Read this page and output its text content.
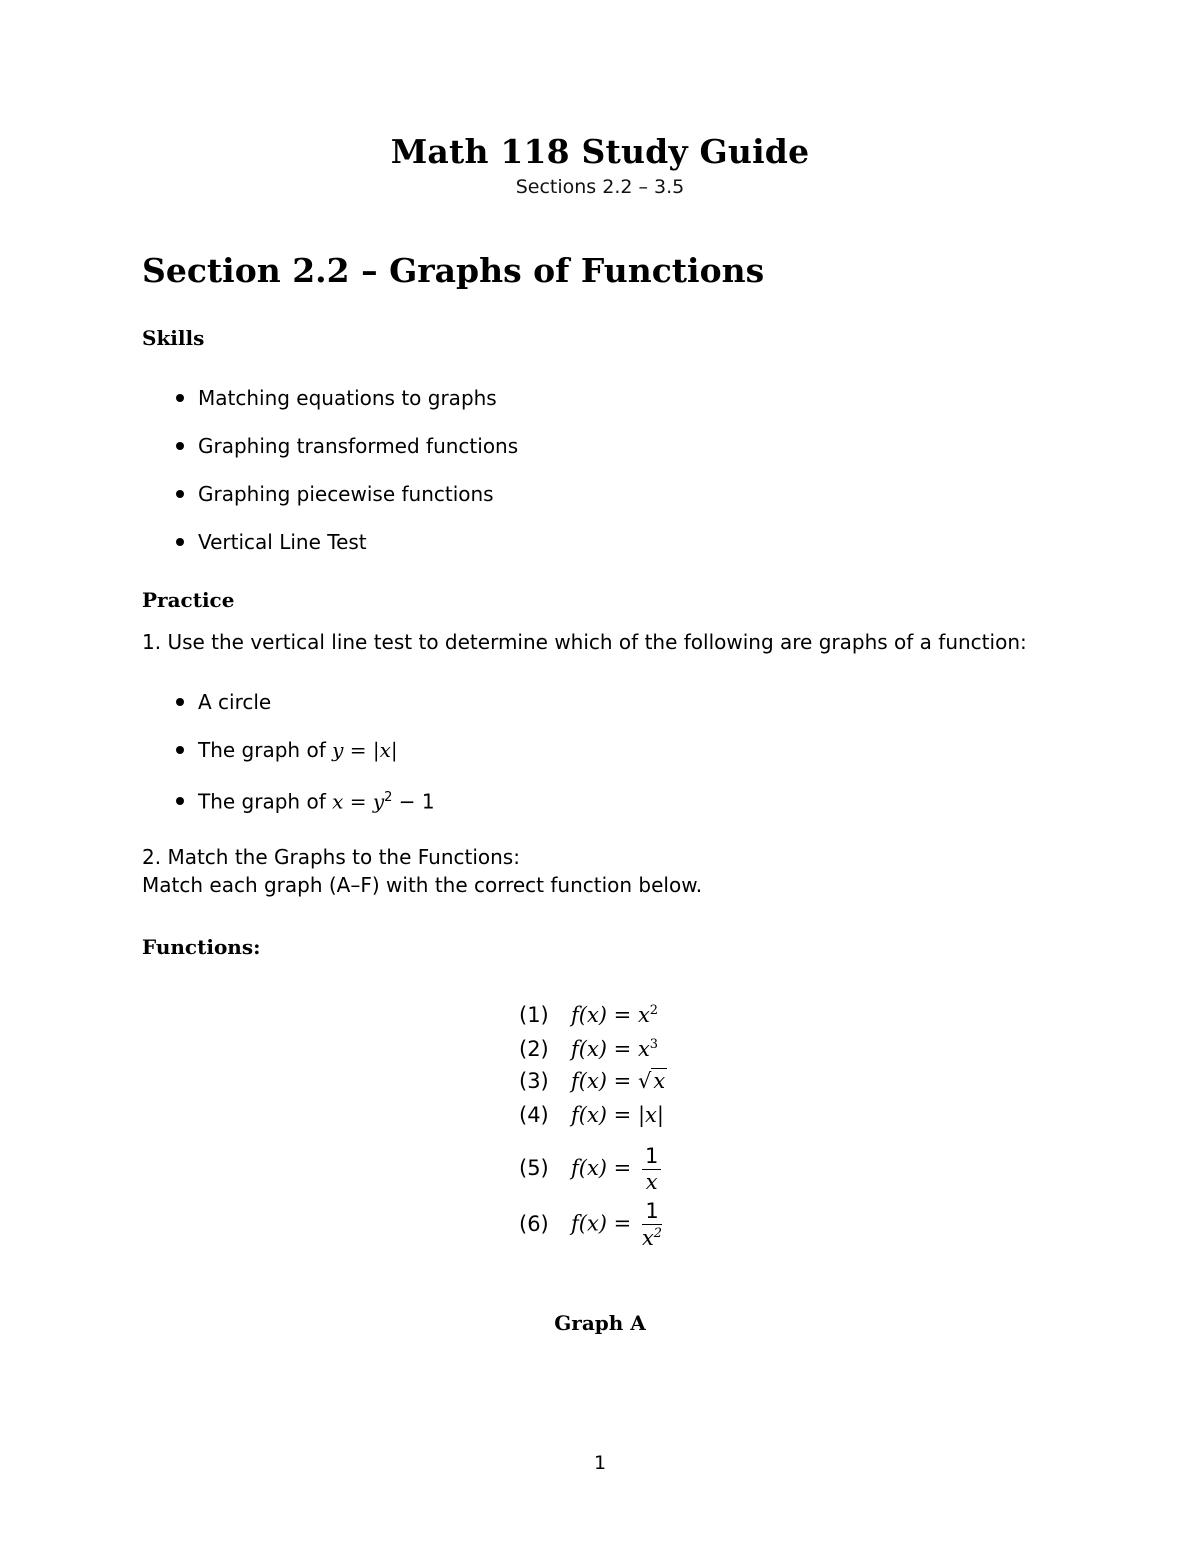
Math 118 Study Guide
Sections 2.2 – 3.5
Section 2.2 – Graphs of Functions
Skills
Matching equations to graphs
Graphing transformed functions
Graphing piecewise functions
Vertical Line Test
Practice
1. Use the vertical line test to determine which of the following are graphs of a function:
A circle
The graph of y = |x|
The graph of $x = y^2 - 1$
2. Match the Graphs to the Functions:
Match each graph (A–F) with the correct function below.
Functions:
(1) $f(x) = x^2$
(2) $f(x) = x^3$
(3) f(x) = √x
(4) f(x) = |x|
(5) $f(x) = \frac{1}{x}$
(6) $f(x) = \frac{1}{x^2}$
Graph A
1
